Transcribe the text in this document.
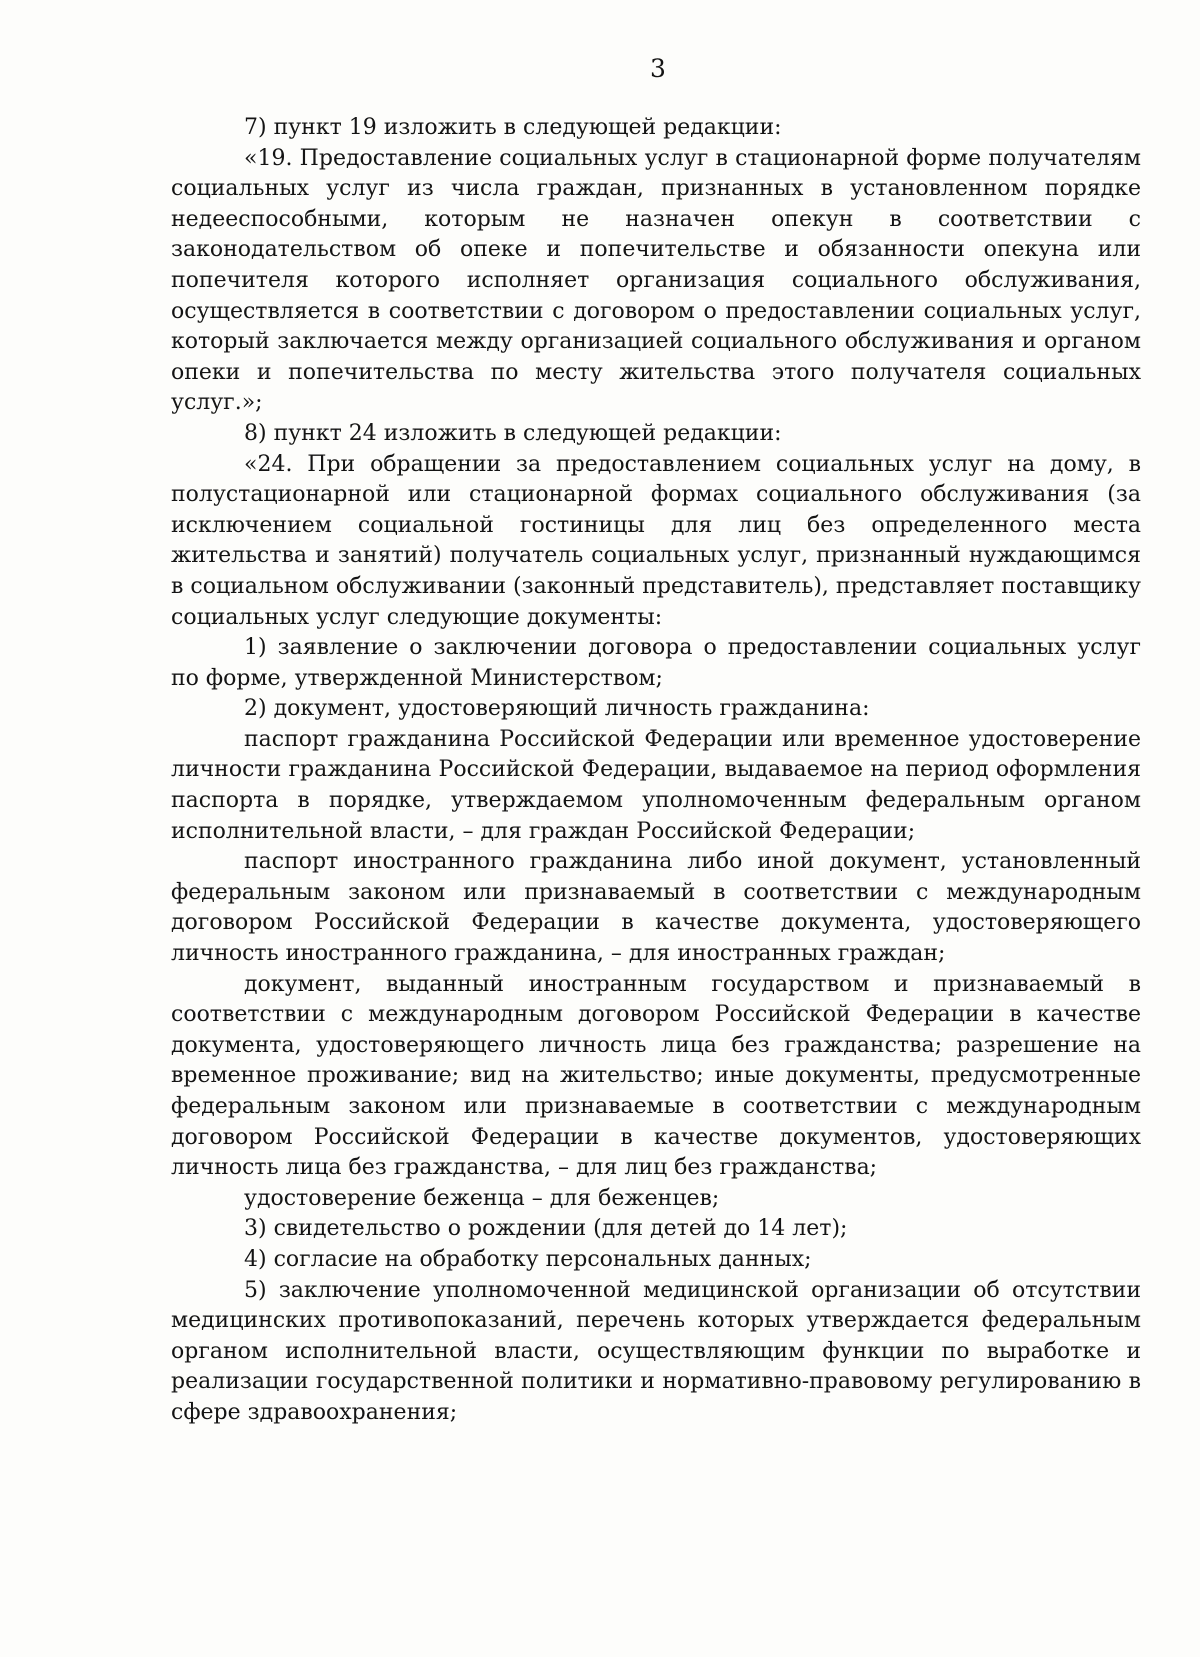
3

7) пункт 19 изложить в следующей редакции:

«19. Предоставление социальных услуг в стационарной форме получателям социальных услуг из числа граждан, признанных в установленном порядке недееспособными, которым не назначен опекун в соответствии с законодательством об опеке и попечительстве и обязанности опекуна или попечителя которого исполняет организация социального обслуживания, осуществляется в соответствии с договором о предоставлении социальных услуг, который заключается между организацией социального обслуживания и органом опеки и попечительства по месту жительства этого получателя социальных услуг.»;

8) пункт 24 изложить в следующей редакции:

«24. При обращении за предоставлением социальных услуг на дому, в полустационарной или стационарной формах социального обслуживания (за исключением социальной гостиницы для лиц без определенного места жительства и занятий) получатель социальных услуг, признанный нуждающимся в социальном обслуживании (законный представитель), представляет поставщику социальных услуг следующие документы:

1) заявление о заключении договора о предоставлении социальных услуг по форме, утвержденной Министерством;

2) документ, удостоверяющий личность гражданина:

паспорт гражданина Российской Федерации или временное удостоверение личности гражданина Российской Федерации, выдаваемое на период оформления паспорта в порядке, утверждаемом уполномоченным федеральным органом исполнительной власти, – для граждан Российской Федерации;

паспорт иностранного гражданина либо иной документ, установленный федеральным законом или признаваемый в соответствии с международным договором Российской Федерации в качестве документа, удостоверяющего личность иностранного гражданина, – для иностранных граждан;

документ, выданный иностранным государством и признаваемый в соответствии с международным договором Российской Федерации в качестве документа, удостоверяющего личность лица без гражданства; разрешение на временное проживание; вид на жительство; иные документы, предусмотренные федеральным законом или признаваемые в соответствии с международным договором Российской Федерации в качестве документов, удостоверяющих личность лица без гражданства, – для лиц без гражданства;

удостоверение беженца – для беженцев;

3) свидетельство о рождении (для детей до 14 лет);

4) согласие на обработку персональных данных;

5) заключение уполномоченной медицинской организации об отсутствии медицинских противопоказаний, перечень которых утверждается федеральным органом исполнительной власти, осуществляющим функции по выработке и реализации государственной политики и нормативно-правовому регулированию в сфере здравоохранения;
